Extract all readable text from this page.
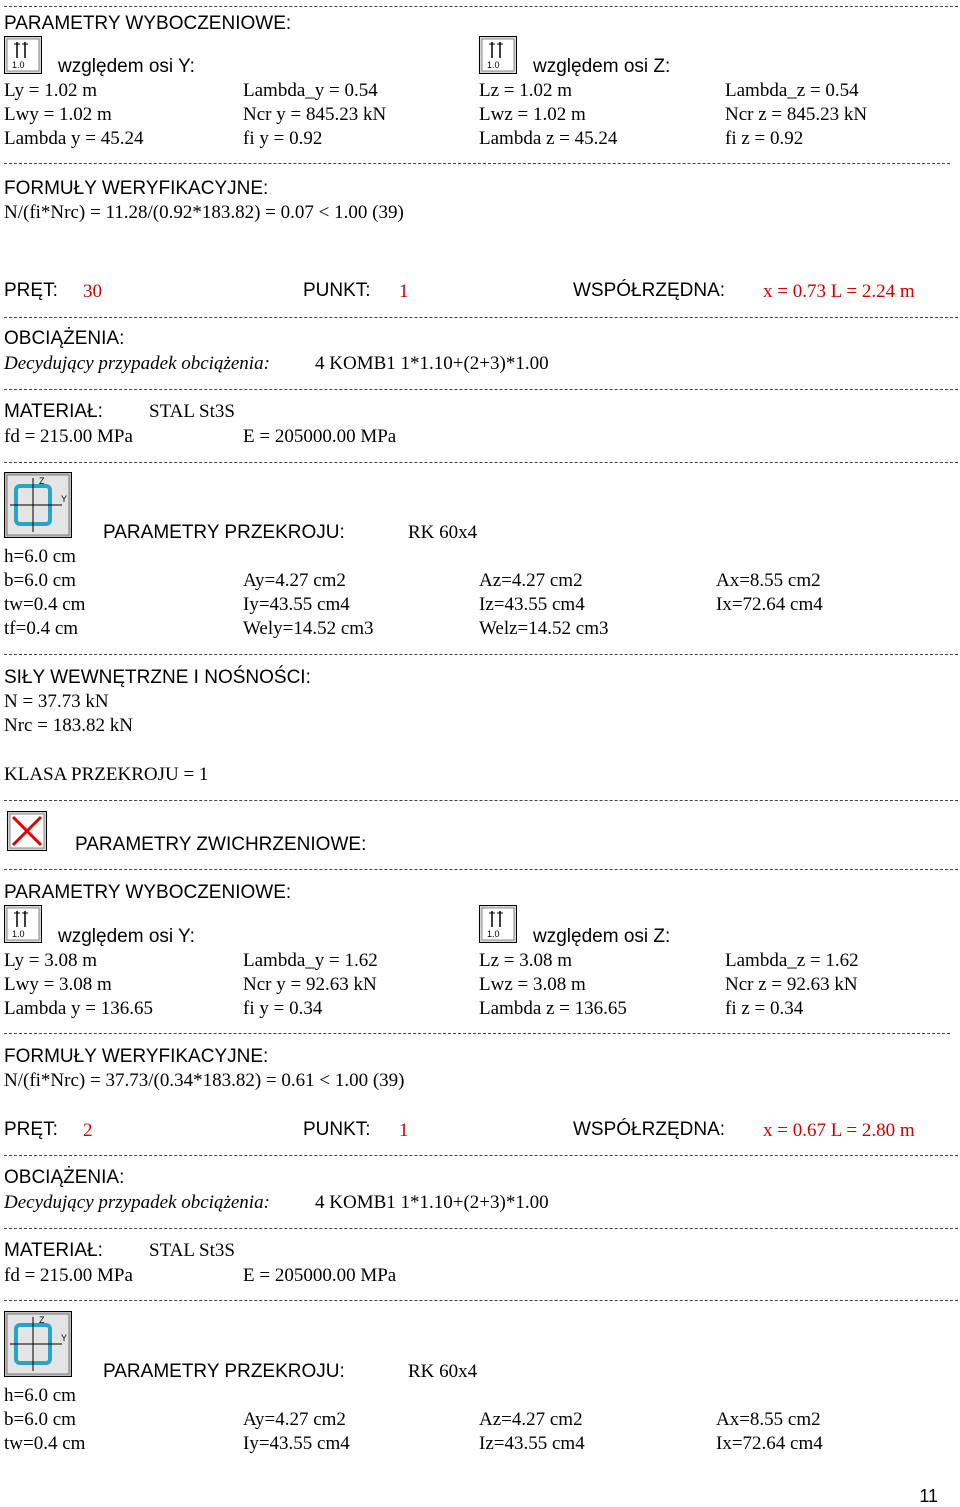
PARAMETRY WYBOCZENIOWE:
1.0 względem osi Y:	1.0 względem osi Z:
Ly = 1.02 m	Lambda_y = 0.54	Lz = 1.02 m	Lambda_z = 0.54
Lwy = 1.02 m	Ncr y = 845.23 kN	Lwz = 1.02 m	Ncr z = 845.23 kN
Lambda y = 45.24	fi y = 0.92	Lambda z = 45.24	fi z = 0.92
FORMUŁY WERYFIKACYJNE:
N/(fi*Nrc) = 11.28/(0.92*183.82) = 0.07 < 1.00 (39)
PRĘT: 30	PUNKT: 1	WSPÓŁRZĘDNA: x = 0.73 L = 2.24 m
OBCIĄŻENIA:
Decydujący przypadek obciążenia: 4 KOMB1 1*1.10+(2+3)*1.00
MATERIAŁ: STAL St3S
fd = 215.00 MPa	E = 205000.00 MPa
Z
Y
PARAMETRY PRZEKROJU:	RK 60x4
h=6.0 cm
b=6.0 cm	Ay=4.27 cm2	Az=4.27 cm2	Ax=8.55 cm2
tw=0.4 cm	Iy=43.55 cm4	Iz=43.55 cm4	Ix=72.64 cm4
tf=0.4 cm	Wely=14.52 cm3	Welz=14.52 cm3
SIŁY WEWNĘTRZNE I NOŚNOŚCI:
N = 37.73 kN
Nrc = 183.82 kN
KLASA PRZEKROJU = 1
PARAMETRY ZWICHRZENIOWE:
PARAMETRY WYBOCZENIOWE:
1.0 względem osi Y:	1.0 względem osi Z:
Ly = 3.08 m	Lambda_y = 1.62	Lz = 3.08 m	Lambda_z = 1.62
Lwy = 3.08 m	Ncr y = 92.63 kN	Lwz = 3.08 m	Ncr z = 92.63 kN
Lambda y = 136.65	fi y = 0.34	Lambda z = 136.65	fi z = 0.34
FORMUŁY WERYFIKACYJNE:
N/(fi*Nrc) = 37.73/(0.34*183.82) = 0.61 < 1.00 (39)
PRĘT: 2	PUNKT: 1	WSPÓŁRZĘDNA: x = 0.67 L = 2.80 m
OBCIĄŻENIA:
Decydujący przypadek obciążenia: 4 KOMB1 1*1.10+(2+3)*1.00
MATERIAŁ: STAL St3S
fd = 215.00 MPa	E = 205000.00 MPa
Z
Y
PARAMETRY PRZEKROJU:	RK 60x4
h=6.0 cm
b=6.0 cm	Ay=4.27 cm2	Az=4.27 cm2	Ax=8.55 cm2
tw=0.4 cm	Iy=43.55 cm4	Iz=43.55 cm4	Ix=72.64 cm4
11
